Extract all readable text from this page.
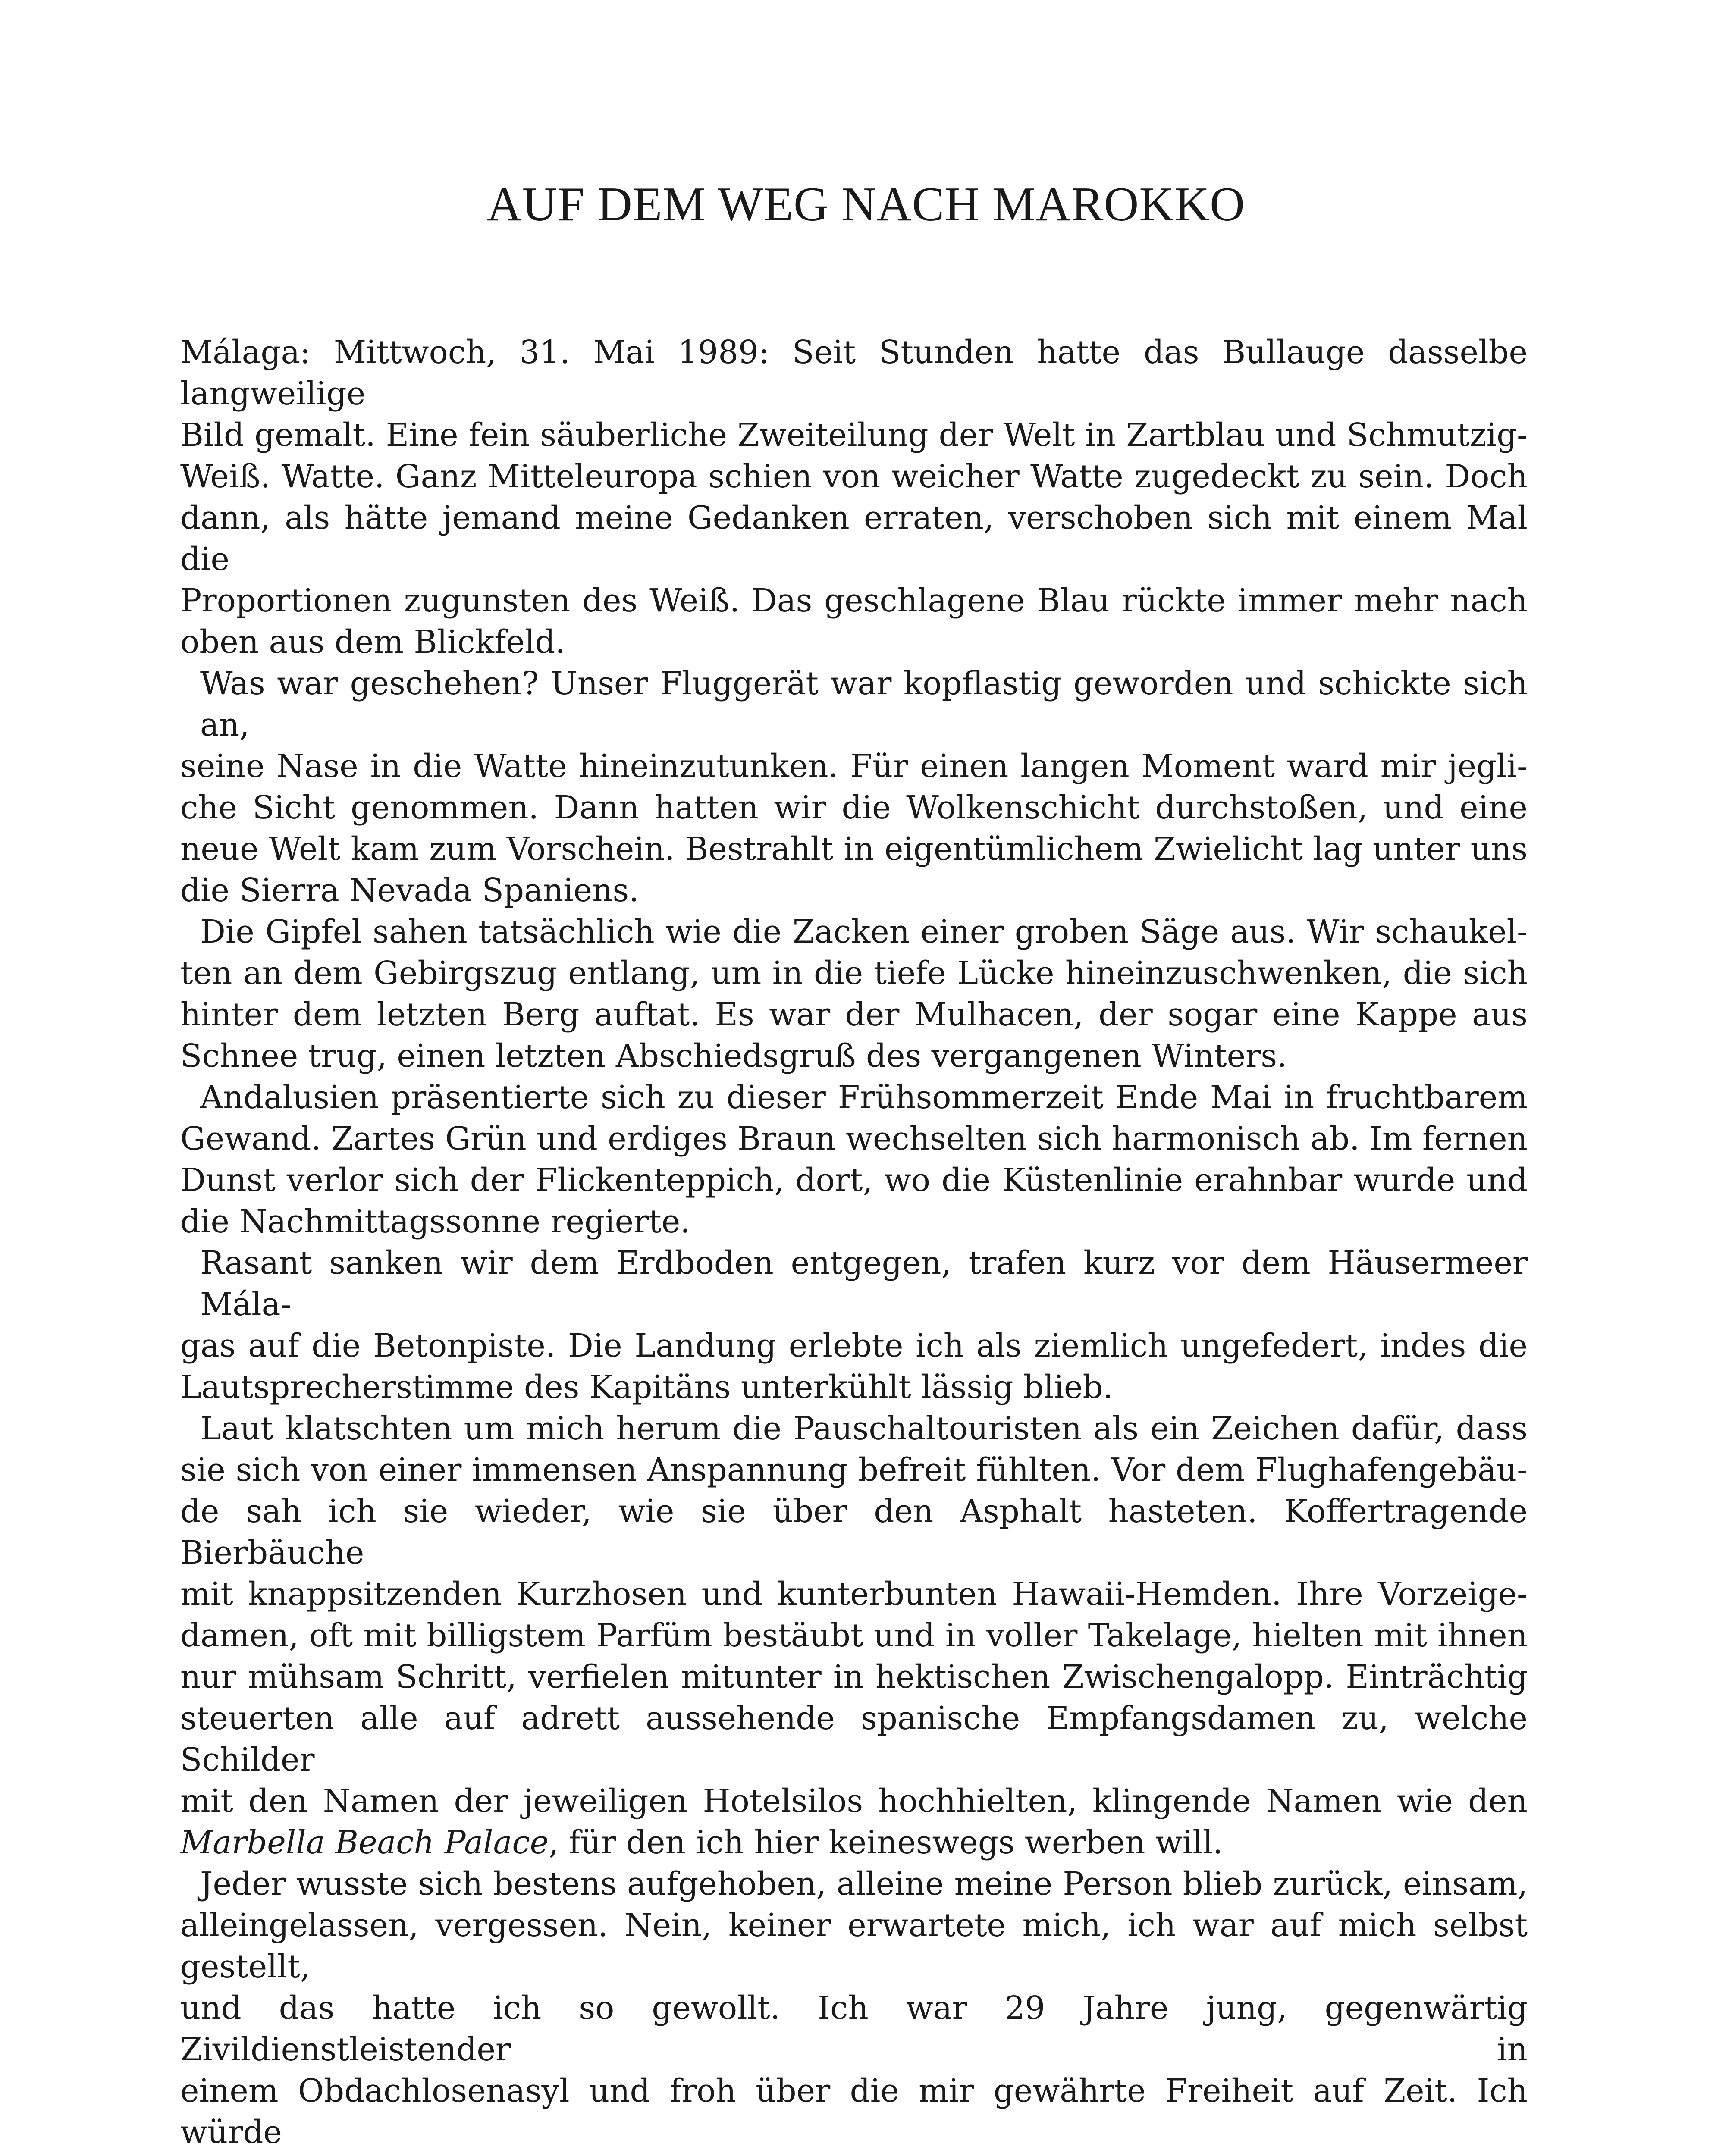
AUF DEM WEG NACH MAROKKO
Málaga: Mittwoch, 31. Mai 1989: Seit Stunden hatte das Bullauge dasselbe langweilige
Bild gemalt. Eine fein säuberliche Zweiteilung der Welt in Zartblau und Schmutzig-
Weiß. Watte. Ganz Mitteleuropa schien von weicher Watte zugedeckt zu sein. Doch
dann, als hätte jemand meine Gedanken erraten, verschoben sich mit einem Mal die
Proportionen zugunsten des Weiß. Das geschlagene Blau rückte immer mehr nach
oben aus dem Blickfeld.
Was war geschehen? Unser Fluggerät war kopflastig geworden und schickte sich an,
seine Nase in die Watte hineinzutunken. Für einen langen Moment ward mir jegli-
che Sicht genommen. Dann hatten wir die Wolkenschicht durchstoßen, und eine
neue Welt kam zum Vorschein. Bestrahlt in eigentümlichem Zwielicht lag unter uns
die Sierra Nevada Spaniens.
Die Gipfel sahen tatsächlich wie die Zacken einer groben Säge aus. Wir schaukel-
ten an dem Gebirgszug entlang, um in die tiefe Lücke hineinzuschwenken, die sich
hinter dem letzten Berg auftat. Es war der Mulhacen, der sogar eine Kappe aus
Schnee trug, einen letzten Abschiedsgruß des vergangenen Winters.
Andalusien präsentierte sich zu dieser Frühsommerzeit Ende Mai in fruchtbarem
Gewand. Zartes Grün und erdiges Braun wechselten sich harmonisch ab. Im fernen
Dunst verlor sich der Flickenteppich, dort, wo die Küstenlinie erahnbar wurde und
die Nachmittagssonne regierte.
Rasant sanken wir dem Erdboden entgegen, trafen kurz vor dem Häusermeer Mála-
gas auf die Betonpiste. Die Landung erlebte ich als ziemlich ungefedert, indes die
Lautsprecherstimme des Kapitäns unterkühlt lässig blieb.
Laut klatschten um mich herum die Pauschaltouristen als ein Zeichen dafür, dass
sie sich von einer immensen Anspannung befreit fühlten. Vor dem Flughafengebäu-
de sah ich sie wieder, wie sie über den Asphalt hasteten. Koffertragende Bierbäuche
mit knappsitzenden Kurzhosen und kunterbunten Hawaii-Hemden. Ihre Vorzeige-
damen, oft mit billigstem Parfüm bestäubt und in voller Takelage, hielten mit ihnen
nur mühsam Schritt, verfielen mitunter in hektischen Zwischengalopp. Einträchtig
steuerten alle auf adrett aussehende spanische Empfangsdamen zu, welche Schilder
mit den Namen der jeweiligen Hotelsilos hochhielten, klingende Namen wie den
Marbella Beach Palace, für den ich hier keineswegs werben will.
Jeder wusste sich bestens aufgehoben, alleine meine Person blieb zurück, einsam,
alleingelassen, vergessen. Nein, keiner erwartete mich, ich war auf mich selbst gestellt,
und das hatte ich so gewollt. Ich war 29 Jahre jung, gegenwärtig Zivildienstleistender in
einem Obdachlosenasyl und froh über die mir gewährte Freiheit auf Zeit. Ich würde
